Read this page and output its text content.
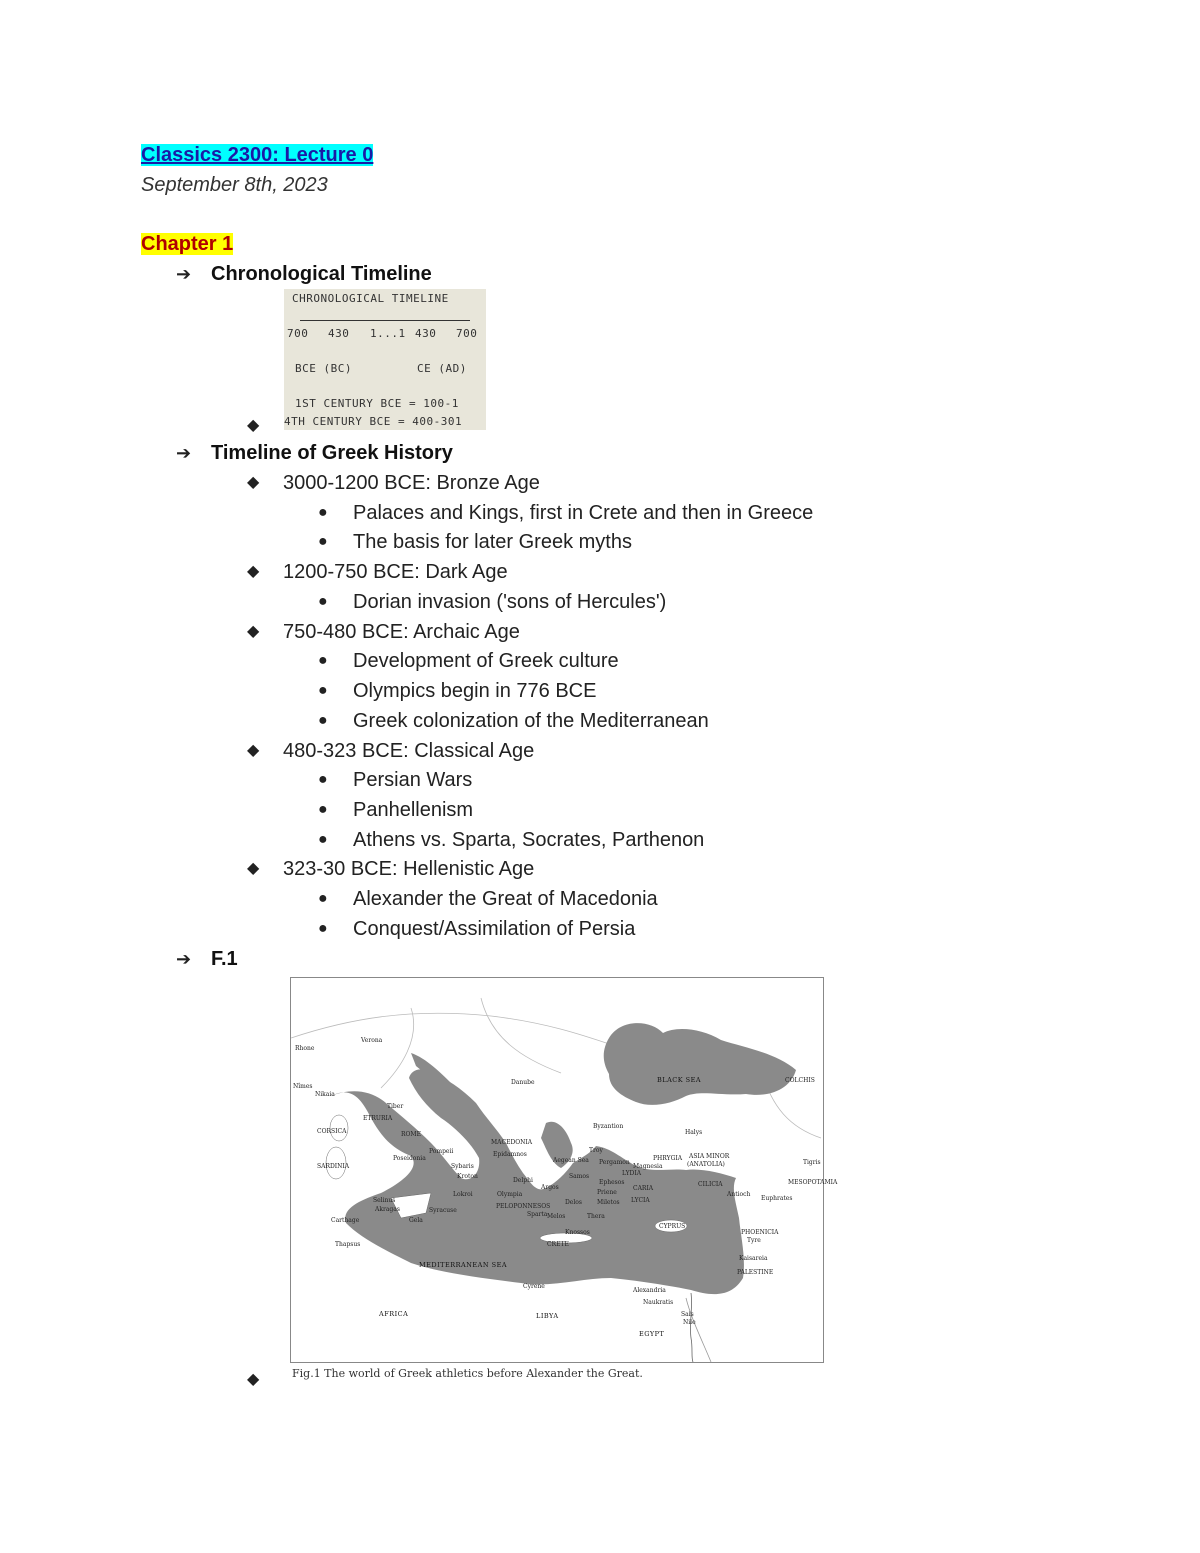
Classics 2300: Lecture 0
September 8th, 2023
Chapter 1
➔ Chronological Timeline
CHRONOLOGICAL TIMELINE
700 430 1...1 430 700
BCE (BC)	CE (AD)
1ST CENTURY BCE = 100-1
4TH CENTURY BCE = 400-301
◆
➔ Timeline of Greek History
◆ 3000-1200 BCE: Bronze Age
● Palaces and Kings, first in Crete and then in Greece
● The basis for later Greek myths
◆ 1200-750 BCE: Dark Age
● Dorian invasion ('sons of Hercules')
◆ 750-480 BCE: Archaic Age
● Development of Greek culture
● Olympics begin in 776 BCE
● Greek colonization of the Mediterranean
◆ 480-323 BCE: Classical Age
● Persian Wars
● Panhellenism
● Athens vs. Sparta, Socrates, Parthenon
◆ 323-30 BCE: Hellenistic Age
● Alexander the Great of Macedonia
● Conquest/Assimilation of Persia
➔ F.1
BLACK SEA
MEDITERRANEAN SEA
AFRICA	LIBYA
EGYPT
ASIA MINOR
(ANATOLIA)
MACEDONIA
CRETE
CYPRUS
CORSICA
SARDINIA
ETRURIA
ROME
COLCHIS
MESOPOTAMIA
PHOENICIA
PALESTINE
CILICIA
CARIA
LYCIA
LYDIA
PHRYGIA
PELOPONNESOS
Rhone
Danube
Tiber
Halys
Tigris
Nile
Verona
Nîmes
Nikaia
Pompeii
Poseidonia
Sybaris
Kroton
Lokroi
Selinus
Akragas	Syracuse
Gela
Carthage
Thapsus
Epidamnos
Delphi
Olympia
Argos
Sparta Melos
Delos
Thera
Knossos
Troy
Byzantion
Pergamon
Samos
Priene
Miletos
Ephesos
Aegean Sea
Tyre
Antioch
Euphrates
Alexandria
Naukratis
Cyrene
Kaisareia
Magnesia
Sais
◆	Fig.1 The world of Greek athletics before Alexander the Great.
